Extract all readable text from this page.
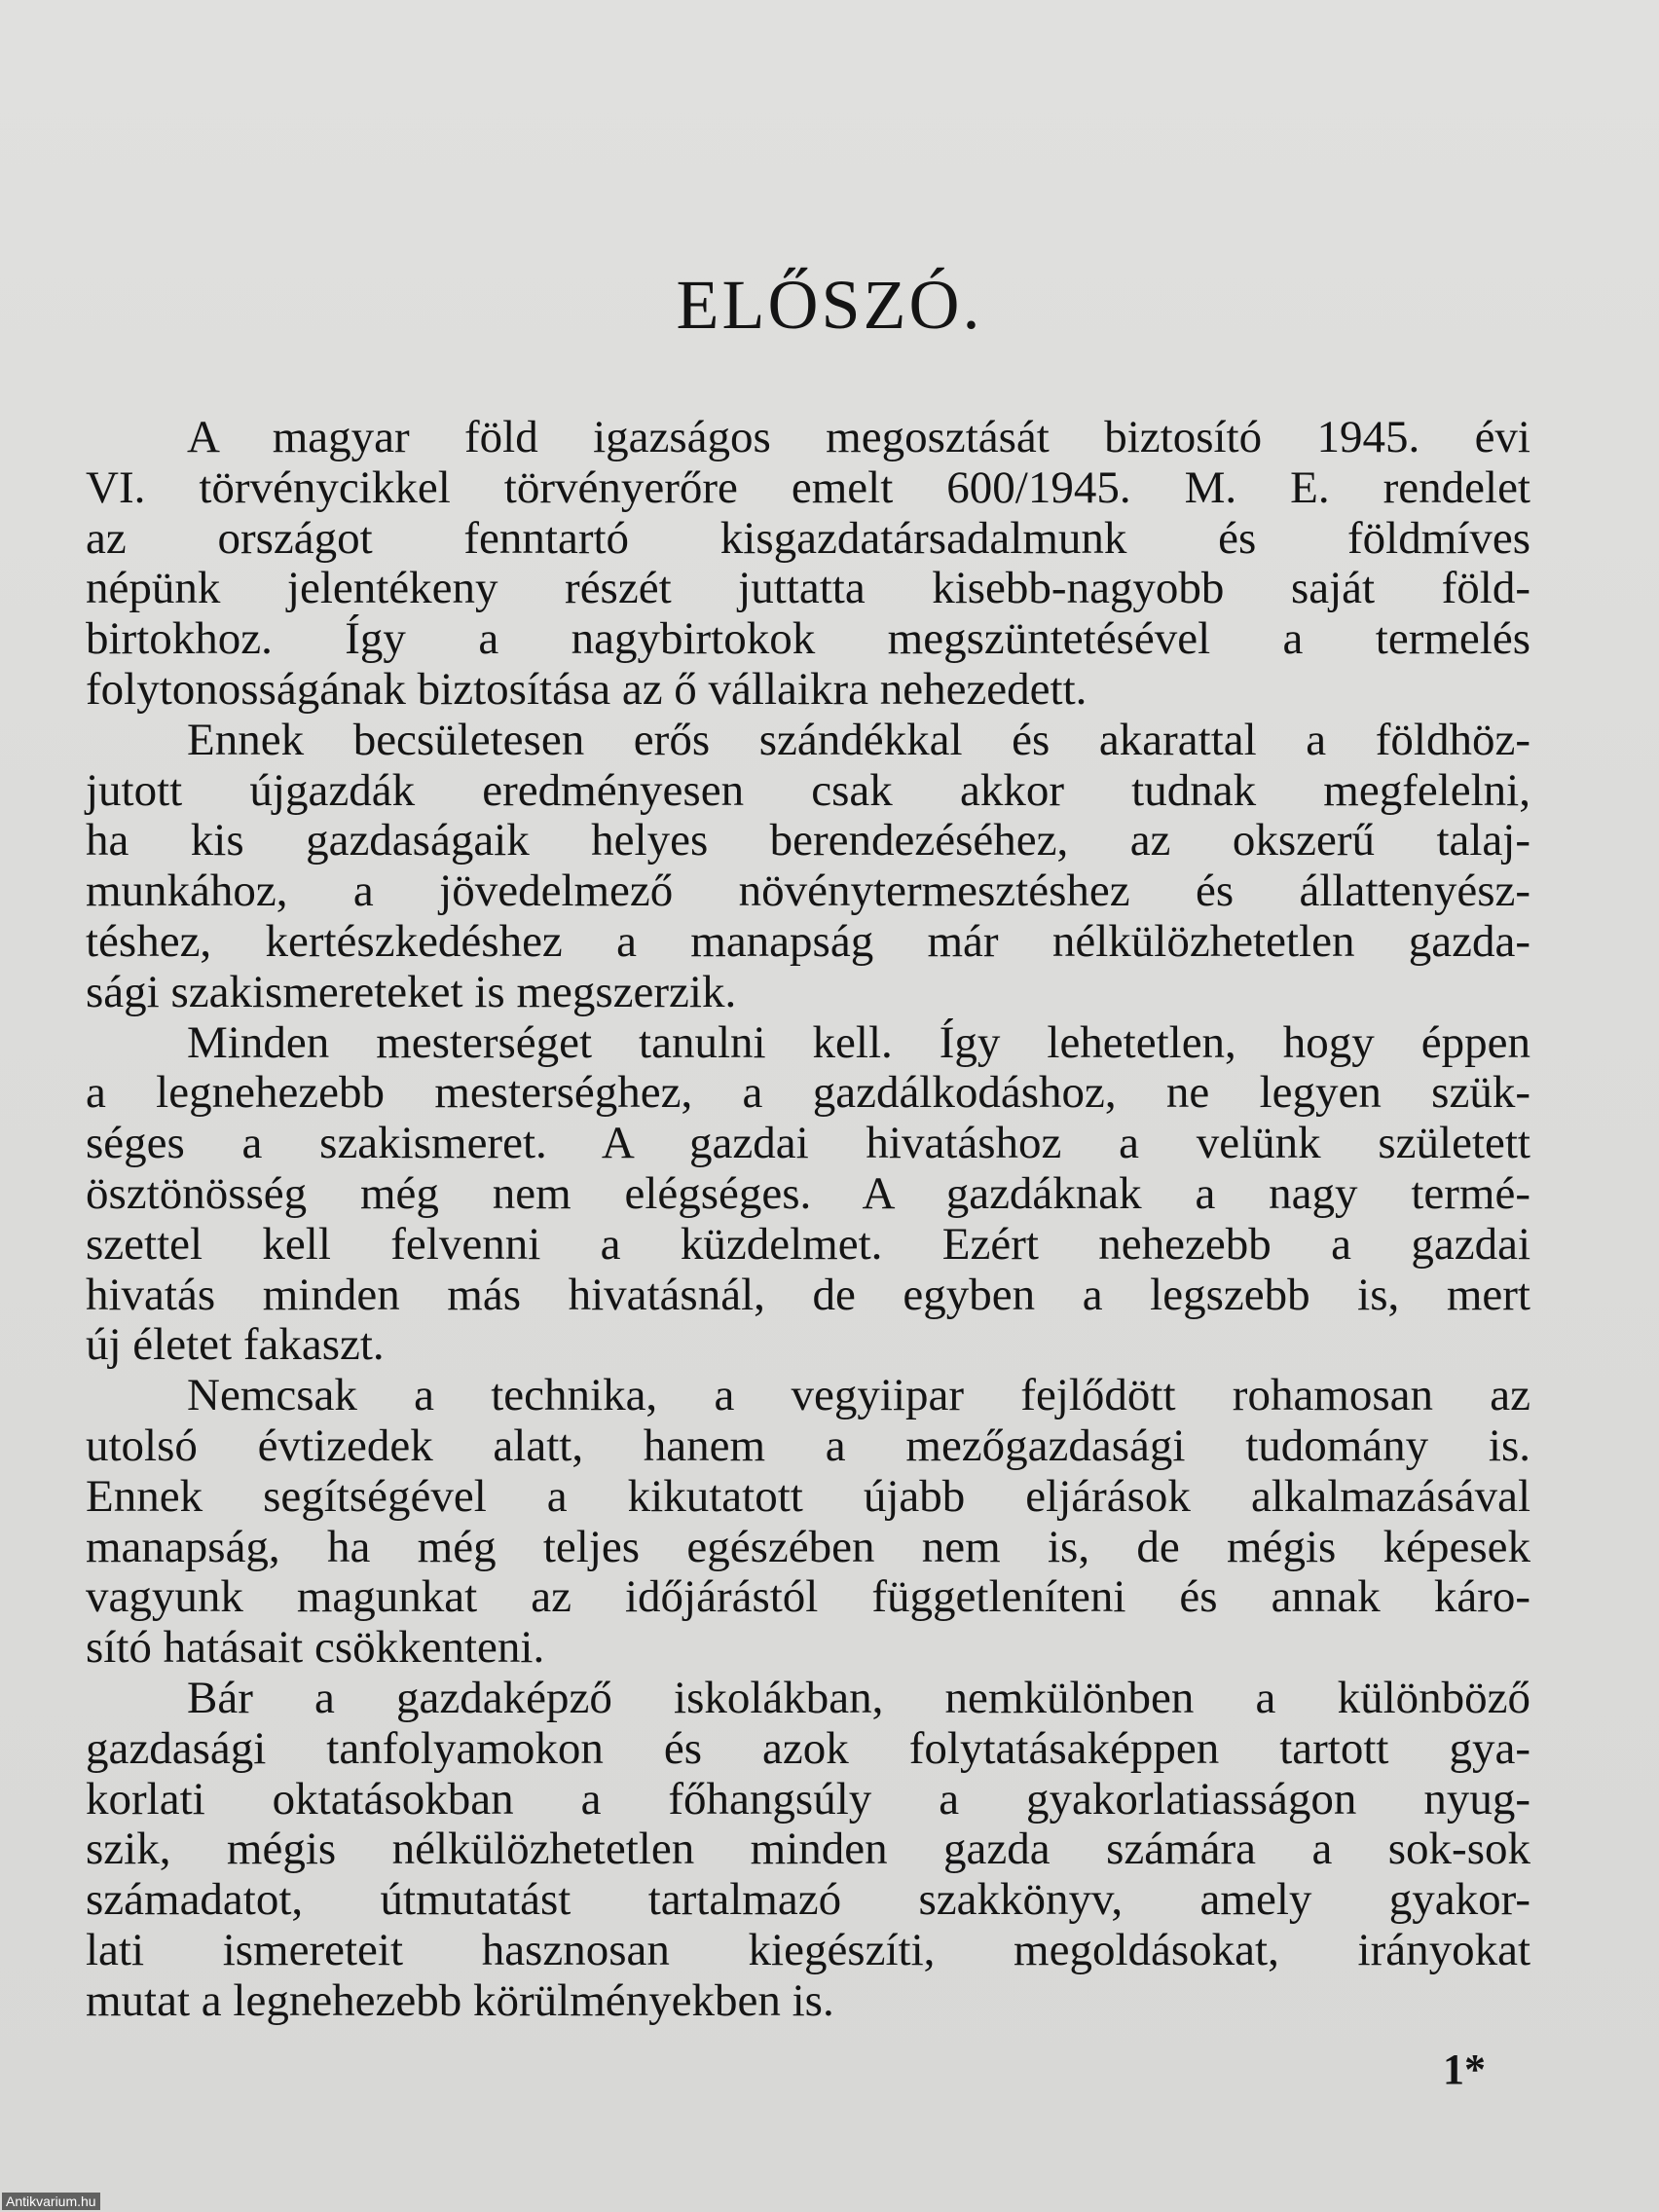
ELŐSZÓ.
A magyar föld igazságos megosztását biztosító 1945. évi
VI. törvénycikkel törvényerőre emelt 600/1945. M. E. rendelet
az országot fenntartó kisgazdatársadalmunk és földmíves
népünk jelentékeny részét juttatta kisebb-nagyobb saját föld-
birtokhoz. Így a nagybirtokok megszüntetésével a termelés
folytonosságának biztosítása az ő vállaikra nehezedett.
Ennek becsületesen erős szándékkal és akarattal a földhöz-
jutott újgazdák eredményesen csak akkor tudnak megfelelni,
ha kis gazdaságaik helyes berendezéséhez, az okszerű talaj-
munkához, a jövedelmező növénytermesztéshez és állattenyész-
téshez, kertészkedéshez a manapság már nélkülözhetetlen gazda-
sági szakismereteket is megszerzik.
Minden mesterséget tanulni kell. Így lehetetlen, hogy éppen
a legnehezebb mesterséghez, a gazdálkodáshoz, ne legyen szük-
séges a szakismeret. A gazdai hivatáshoz a velünk született
ösztönösség még nem elégséges. A gazdáknak a nagy termé-
szettel kell felvenni a küzdelmet. Ezért nehezebb a gazdai
hivatás minden más hivatásnál, de egyben a legszebb is, mert
új életet fakaszt.
Nemcsak a technika, a vegyiipar fejlődött rohamosan az
utolsó évtizedek alatt, hanem a mezőgazdasági tudomány is.
Ennek segítségével a kikutatott újabb eljárások alkalmazásával
manapság, ha még teljes egészében nem is, de mégis képesek
vagyunk magunkat az időjárástól függetleníteni és annak káro-
sító hatásait csökkenteni.
Bár a gazdaképző iskolákban, nemkülönben a különböző
gazdasági tanfolyamokon és azok folytatásaképpen tartott gya-
korlati oktatásokban a főhangsúly a gyakorlatiasságon nyug-
szik, mégis nélkülözhetetlen minden gazda számára a sok-sok
számadatot, útmutatást tartalmazó szakkönyv, amely gyakor-
lati ismereteit hasznosan kiegészíti, megoldásokat, irányokat
mutat a legnehezebb körülményekben is.
1*
Antikvarium.hu
